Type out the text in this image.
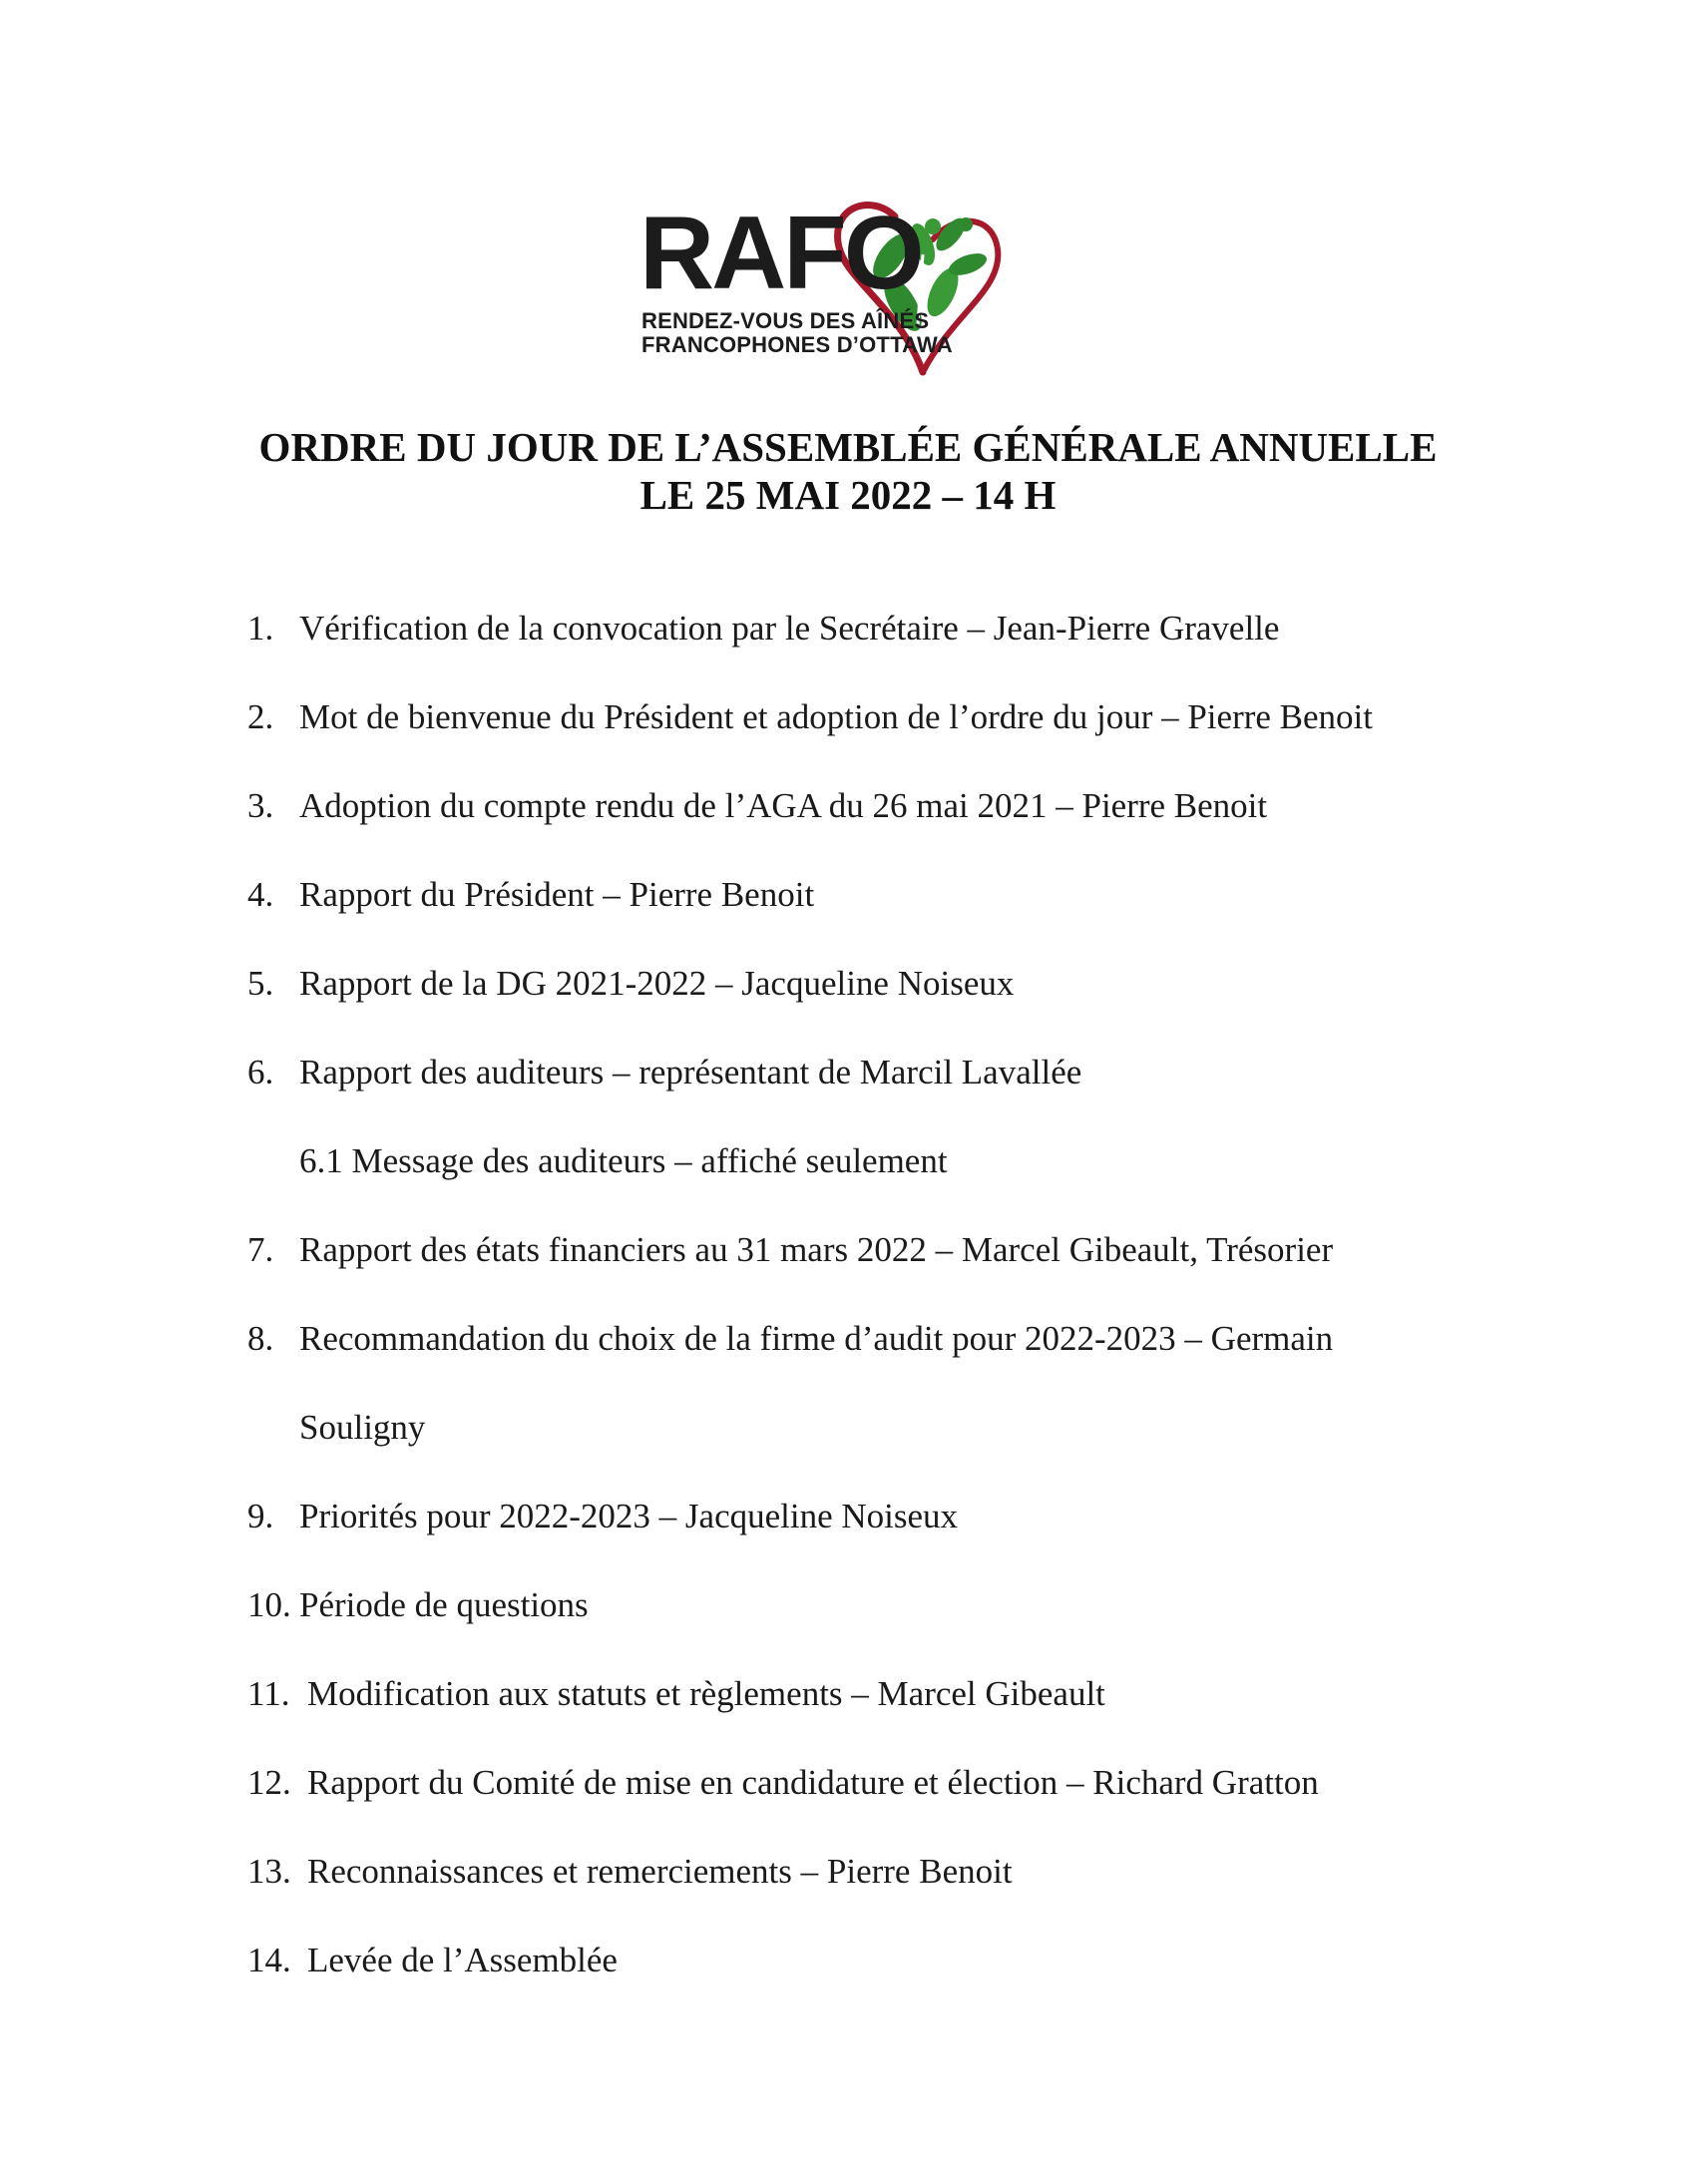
RAFO
RENDEZ-VOUS DES AÎNÉS
FRANCOPHONES D’OTTAWA
ORDRE DU JOUR DE L’ASSEMBLÉE GÉNÉRALE ANNUELLE
LE 25 MAI 2022 – 14 H
1. Vérification de la convocation par le Secrétaire – Jean-Pierre Gravelle
2. Mot de bienvenue du Président et adoption de l’ordre du jour – Pierre Benoit
3. Adoption du compte rendu de l’AGA du 26 mai 2021 – Pierre Benoit
4. Rapport du Président – Pierre Benoit
5. Rapport de la DG 2021-2022 – Jacqueline Noiseux
6. Rapport des auditeurs – représentant de Marcil Lavallée
6.1 Message des auditeurs – affiché seulement
7. Rapport des états financiers au 31 mars 2022 – Marcel Gibeault, Trésorier
8. Recommandation du choix de la firme d’audit pour 2022-2023 – Germain
Souligny
9. Priorités pour 2022-2023 – Jacqueline Noiseux
10. Période de questions
11. Modification aux statuts et règlements – Marcel Gibeault
12. Rapport du Comité de mise en candidature et élection – Richard Gratton
13. Reconnaissances et remerciements – Pierre Benoit
14. Levée de l’Assemblée
